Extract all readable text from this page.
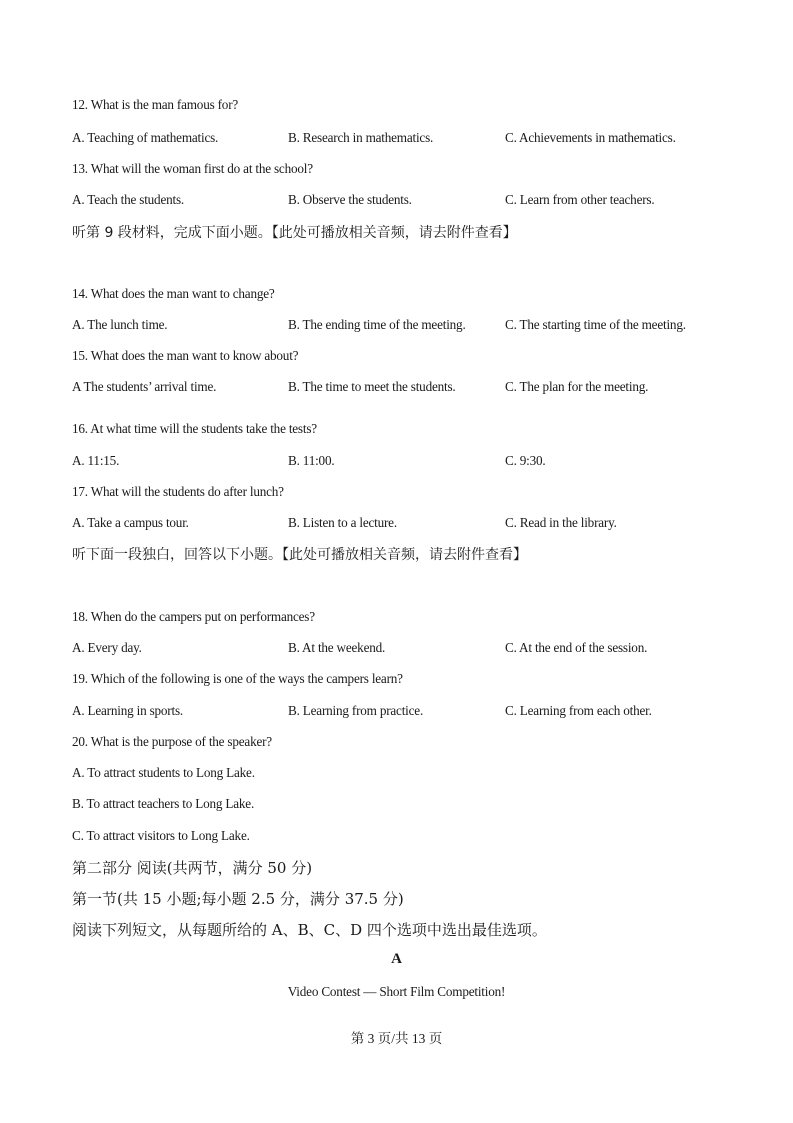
12. What is the man famous for?
A. Teaching of mathematics.	B. Research in mathematics.	C. Achievements in mathematics.
13. What will the woman first do at the school?
A. Teach the students.	B. Observe the students.	C. Learn from other teachers.
听第 9 段材料，完成下面小题。【此处可播放相关音频，请去附件查看】
14. What does the man want to change?
A. The lunch time.	B. The ending time of the meeting.	C. The starting time of the meeting.
15. What does the man want to know about?
A The students’ arrival time.	B. The time to meet the students.	C. The plan for the meeting.
16. At what time will the students take the tests?
A. 11:15.	B. 11:00.	C. 9:30.
17. What will the students do after lunch?
A. Take a campus tour.	B. Listen to a lecture.	C. Read in the library.
听下面一段独白，回答以下小题。【此处可播放相关音频，请去附件查看】
18. When do the campers put on performances?
A. Every day.	B. At the weekend.	C. At the end of the session.
19. Which of the following is one of the ways the campers learn?
A. Learning in sports.	B. Learning from practice.	C. Learning from each other.
20. What is the purpose of the speaker?
A. To attract students to Long Lake.
B. To attract teachers to Long Lake.
C. To attract visitors to Long Lake.
第二部分 阅读(共两节，满分 50 分)
第一节(共 15 小题;每小题 2.5 分，满分 37.5 分)
阅读下列短文，从每题所给的 A、B、C、D 四个选项中选出最佳选项。
A
Video Contest — Short Film Competition!
第 3 页/共 13 页
